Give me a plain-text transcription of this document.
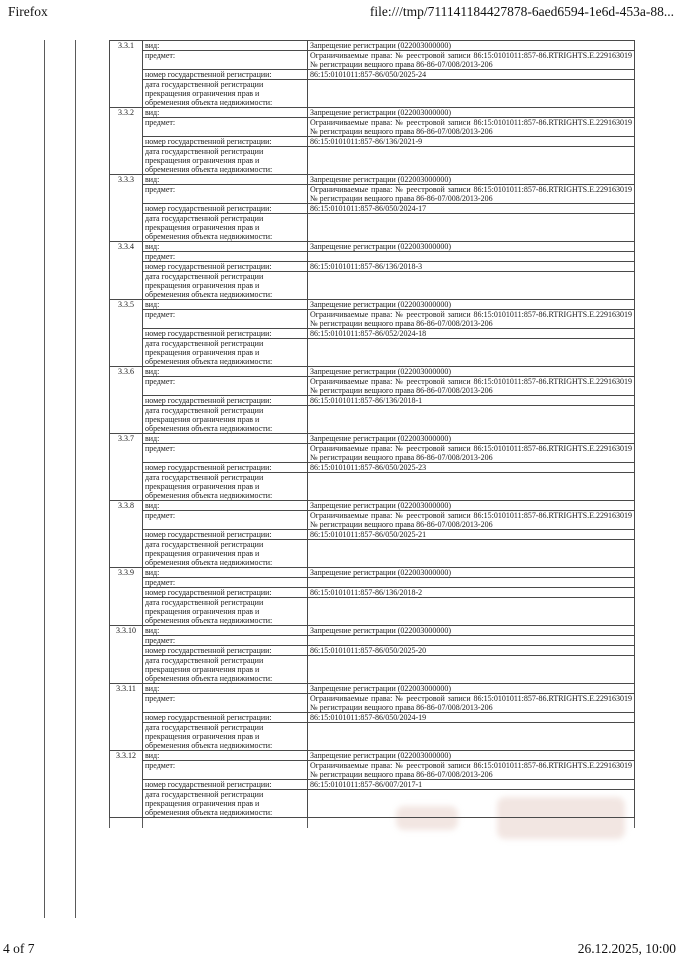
Firefox	file:///tmp/711141184427878-6aed6594-1e6d-453a-88...
3.3.1	вид:	Запрещение регистрации (022003000000)
	предмет:	Ограничиваемые права: № реестровой записи 86:15:0101011:857-86.RTRIGHTS.E.229163019 № регистрации вещного права 86-86-07/008/2013-206
	номер государственной регистрации:	86:15:0101011:857-86/050/2025-24
	дата государственной регистрации прекращения ограничения прав и обременения объекта недвижимости:	
3.3.2	вид:	Запрещение регистрации (022003000000)
	предмет:	Ограничиваемые права: № реестровой записи 86:15:0101011:857-86.RTRIGHTS.E.229163019 № регистрации вещного права 86-86-07/008/2013-206
	номер государственной регистрации:	86:15:0101011:857-86/136/2021-9
	дата государственной регистрации прекращения ограничения прав и обременения объекта недвижимости:	
3.3.3	вид:	Запрещение регистрации (022003000000)
	предмет:	Ограничиваемые права: № реестровой записи 86:15:0101011:857-86.RTRIGHTS.E.229163019 № регистрации вещного права 86-86-07/008/2013-206
	номер государственной регистрации:	86:15:0101011:857-86/050/2024-17
	дата государственной регистрации прекращения ограничения прав и обременения объекта недвижимости:	
3.3.4	вид:	Запрещение регистрации (022003000000)
	предмет:	
	номер государственной регистрации:	86:15:0101011:857-86/136/2018-3
	дата государственной регистрации прекращения ограничения прав и обременения объекта недвижимости:	
3.3.5	вид:	Запрещение регистрации (022003000000)
	предмет:	Ограничиваемые права: № реестровой записи 86:15:0101011:857-86.RTRIGHTS.E.229163019 № регистрации вещного права 86-86-07/008/2013-206
	номер государственной регистрации:	86:15:0101011:857-86/052/2024-18
	дата государственной регистрации прекращения ограничения прав и обременения объекта недвижимости:	
3.3.6	вид:	Запрещение регистрации (022003000000)
	предмет:	Ограничиваемые права: № реестровой записи 86:15:0101011:857-86.RTRIGHTS.E.229163019 № регистрации вещного права 86-86-07/008/2013-206
	номер государственной регистрации:	86:15:0101011:857-86/136/2018-1
	дата государственной регистрации прекращения ограничения прав и обременения объекта недвижимости:	
3.3.7	вид:	Запрещение регистрации (022003000000)
	предмет:	Ограничиваемые права: № реестровой записи 86:15:0101011:857-86.RTRIGHTS.E.229163019 № регистрации вещного права 86-86-07/008/2013-206
	номер государственной регистрации:	86:15:0101011:857-86/050/2025-23
	дата государственной регистрации прекращения ограничения прав и обременения объекта недвижимости:	
3.3.8	вид:	Запрещение регистрации (022003000000)
	предмет:	Ограничиваемые права: № реестровой записи 86:15:0101011:857-86.RTRIGHTS.E.229163019 № регистрации вещного права 86-86-07/008/2013-206
	номер государственной регистрации:	86:15:0101011:857-86/050/2025-21
	дата государственной регистрации прекращения ограничения прав и обременения объекта недвижимости:	
3.3.9	вид:	Запрещение регистрации (022003000000)
	предмет:	
	номер государственной регистрации:	86:15:0101011:857-86/136/2018-2
	дата государственной регистрации прекращения ограничения прав и обременения объекта недвижимости:	
3.3.10	вид:	Запрещение регистрации (022003000000)
	предмет:	
	номер государственной регистрации:	86:15:0101011:857-86/050/2025-20
	дата государственной регистрации прекращения ограничения прав и обременения объекта недвижимости:	
3.3.11	вид:	Запрещение регистрации (022003000000)
	предмет:	Ограничиваемые права: № реестровой записи 86:15:0101011:857-86.RTRIGHTS.E.229163019 № регистрации вещного права 86-86-07/008/2013-206
	номер государственной регистрации:	86:15:0101011:857-86/050/2024-19
	дата государственной регистрации прекращения ограничения прав и обременения объекта недвижимости:	
3.3.12	вид:	Запрещение регистрации (022003000000)
	предмет:	Ограничиваемые права: № реестровой записи 86:15:0101011:857-86.RTRIGHTS.E.229163019 № регистрации вещного права 86-86-07/008/2013-206
	номер государственной регистрации:	86:15:0101011:857-86/007/2017-1
	дата государственной регистрации прекращения ограничения прав и обременения объекта недвижимости:	
4 of 7	26.12.2025, 10:00
